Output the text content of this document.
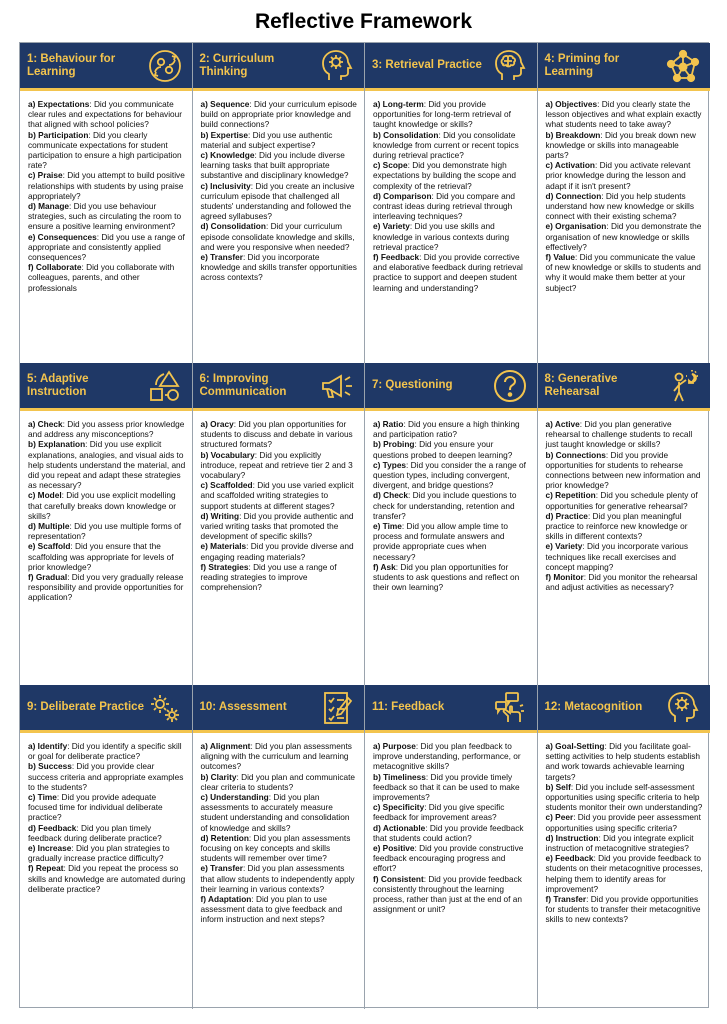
Reflective Framework
1: Behaviour for Learning
a) Expectations: Did you communicate clear rules and expectations for behaviour that aligned with school policies?
b) Participation: Did you clearly communicate expectations for student participation to ensure a high participation rate?
c) Praise: Did you attempt to build positive relationships with students by using praise appropriately?
d) Manage: Did you use behaviour strategies, such as circulating the room to ensure a positive learning environment?
e) Consequences: Did you use a range of appropriate and consistently applied consequences?
f) Collaborate: Did you collaborate with colleagues, parents, and other professionals
2: Curriculum Thinking
a) Sequence: Did your curriculum episode build on appropriate prior knowledge and build connections?
b) Expertise: Did you use authentic material and subject expertise?
c) Knowledge: Did you include diverse learning tasks that built appropriate substantive and disciplinary knowledge?
c) Inclusivity: Did you create an inclusive curriculum episode that challenged all students' understanding and followed the agreed syllabuses?
d) Consolidation: Did your curriculum episode consolidate knowledge and skills, and were you responsive when needed?
e) Transfer: Did you incorporate knowledge and skills transfer opportunities across contexts?
3: Retrieval Practice
a) Long-term: Did you provide opportunities for long-term retrieval of taught knowledge or skills?
b) Consolidation: Did you consolidate knowledge from current or recent topics during retrieval practice?
c) Scope: Did you demonstrate high expectations by building the scope and complexity of the retrieval?
d) Comparison: Did you compare and contrast ideas during retrieval through interleaving techniques?
e) Variety: Did you use skills and knowledge in various contexts during retrieval practice?
f) Feedback: Did you provide corrective and elaborative feedback during retrieval practice to support and deepen student learning and understanding?
4: Priming for Learning
a) Objectives: Did you clearly state the lesson objectives and what explain exactly what students need to take away?
b) Breakdown: Did you break down new knowledge or skills into manageable parts?
c) Activation: Did you activate relevant prior knowledge during the lesson and adapt if it isn't present?
d) Connection: Did you help students understand how new knowledge or skills connect with their existing schema?
e) Organisation: Did you demonstrate the organisation of new knowledge or skills effectively?
f) Value: Did you communicate the value of new knowledge or skills to students and why it would make them better at your subject?
5: Adaptive Instruction
a) Check: Did you assess prior knowledge and address any misconceptions?
b) Explanation: Did you use explicit explanations, analogies, and visual aids to help students understand the material, and did you repeat and adapt these strategies as necessary?
c) Model: Did you use explicit modelling that carefully breaks down knowledge or skills?
d) Multiple: Did you use multiple forms of representation?
e) Scaffold: Did you ensure that the scaffolding was appropriate for levels of prior knowledge?
f) Gradual: Did you very gradually release responsibility and provide opportunities for application?
6: Improving Communication
a) Oracy: Did you plan opportunities for students to discuss and debate in various structured formats?
b) Vocabulary: Did you explicitly introduce, repeat and retrieve tier 2 and 3 vocabulary?
c) Scaffolded: Did you use varied explicit and scaffolded writing strategies to support students at different stages?
d) Writing: Did you provide authentic and varied writing tasks that promoted the development of specific skills?
e) Materials: Did you provide diverse and engaging reading materials?
f) Strategies: Did you use a range of reading strategies to improve comprehension?
7: Questioning
a) Ratio: Did you ensure a high thinking and participation ratio?
b) Probing: Did you ensure your questions probed to deepen learning?
c) Types: Did you consider the a range of question types, including convergent, divergent, and bridge questions?
d) Check: Did you include questions to check for understanding, retention and transfer?
e) Time: Did you allow ample time to process and formulate answers and provide appropriate cues when necessary?
f) Ask: Did you plan opportunities for students to ask questions and reflect on their own learning?
8: Generative Rehearsal
a) Active: Did you plan generative rehearsal to challenge students to recall just taught knowledge or skills?
b) Connections: Did you provide opportunities for students to rehearse connections between new information and prior knowledge?
c) Repetition: Did you schedule plenty of opportunities for generative rehearsal?
d) Practice: Did you plan meaningful practice to reinforce new knowledge or skills in different contexts?
e) Variety: Did you incorporate various techniques like recall exercises and concept mapping?
f) Monitor: Did you monitor the rehearsal and adjust activities as necessary?
9: Deliberate Practice
a) Identify: Did you identify a specific skill or goal for deliberate practice?
b) Success: Did you provide clear success criteria and appropriate examples to the students?
c) Time: Did you provide adequate focused time for individual deliberate practice?
d) Feedback: Did you plan timely feedback during deliberate practice?
e) Increase: Did you plan strategies to gradually increase practice difficulty?
f) Repeat: Did you repeat the process so skills and knowledge are automated during deliberate practice?
10: Assessment
a) Alignment: Did you plan assessments aligning with the curriculum and learning outcomes?
b) Clarity: Did you plan and communicate clear criteria to students?
c) Understanding: Did you plan assessments to accurately measure student understanding and consolidation of knowledge and skills?
d) Retention: Did you plan assessments focusing on key concepts and skills students will remember over time?
e) Transfer: Did you plan assessments that allow students to independently apply their learning in various contexts?
f) Adaptation: Did you plan to use assessment data to give feedback and inform instruction and next steps?
11: Feedback
a) Purpose: Did you plan feedback to improve understanding, performance, or metacognitive skills?
b) Timeliness: Did you provide timely feedback so that it can be used to make improvements?
c) Specificity: Did you give specific feedback for improvement areas?
d) Actionable: Did you provide feedback that students could action?
e) Positive: Did you provide constructive feedback encouraging progress and effort?
f) Consistent: Did you provide feedback consistently throughout the learning process, rather than just at the end of an assignment or unit?
12: Metacognition
a) Goal-Setting: Did you facilitate goal-setting activities to help students establish and work towards achievable learning targets?
b) Self: Did you include self-assessment opportunities using specific criteria to help students monitor their own understanding?
c) Peer: Did you provide peer assessment opportunities using specific criteria?
d) Instruction: Did you integrate explicit instruction of metacognitive strategies?
e) Feedback: Did you provide feedback to students on their metacognitive processes, helping them to identify areas for improvement?
f) Transfer: Did you provide opportunities for students to transfer their metacognitive skills to new contexts?
